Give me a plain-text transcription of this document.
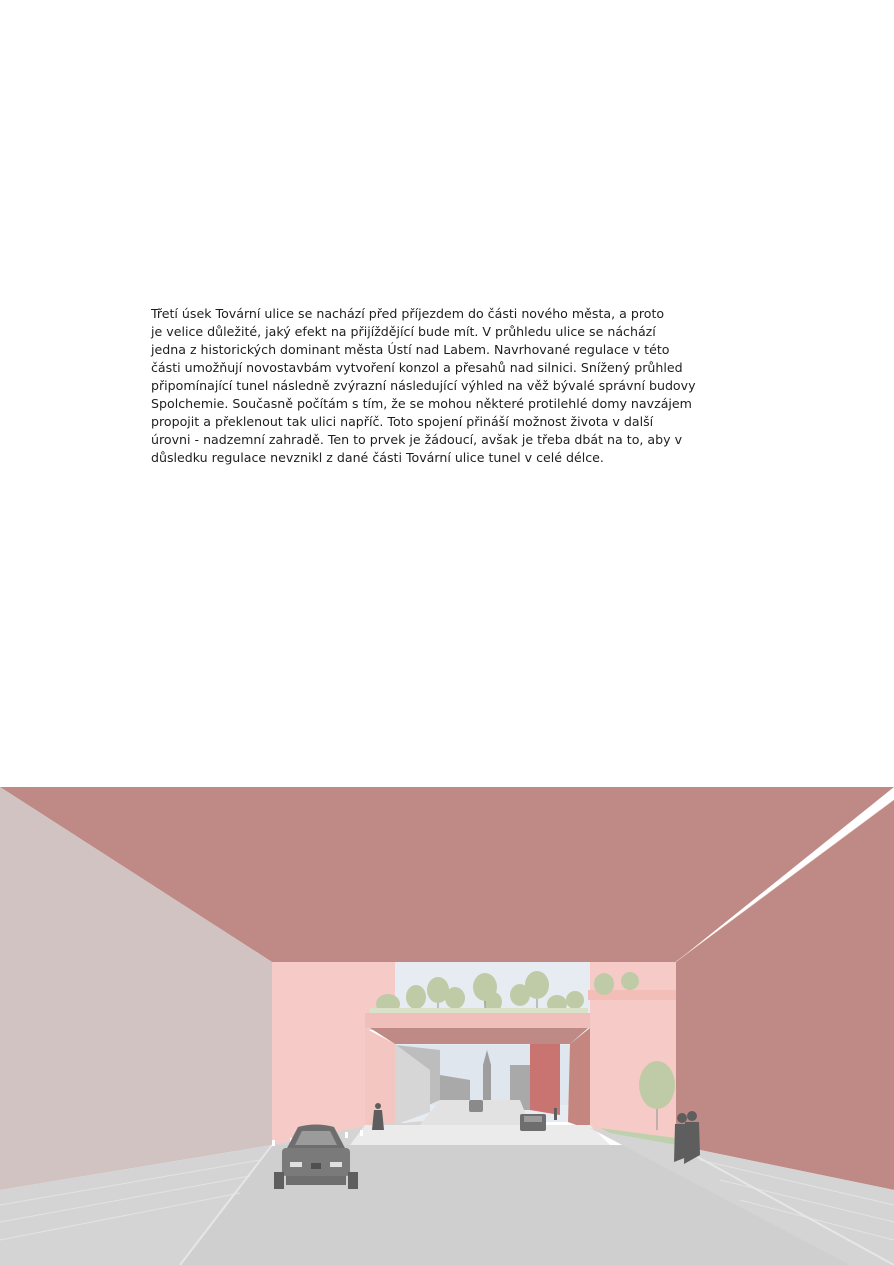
Třetí úsek Tovární ulice se nachází před příjezdem do části nového města, a proto
je velice důležité, jaký efekt na přijíždějící bude mít. V průhledu ulice se náchází
jedna z historických dominant města Ústí nad Labem. Navrhované regulace v této
části umožňují novostavbám vytvoření konzol a přesahů nad silnici. Snížený průhled
připomínající tunel následně zvýrazní následující výhled na věž bývalé správní budovy
Spolchemie. Současně počítám s tím, že se mohou některé protilehlé domy navzájem
propojit a překlenout tak ulici napříč. Toto spojení přináší možnost života v další
úrovni - nadzemní zahradě. Ten to prvek je žádoucí, avšak je třeba dbát na to, aby v
důsledku regulace nevznikl z dané části Tovární ulice tunel v celé délce.
